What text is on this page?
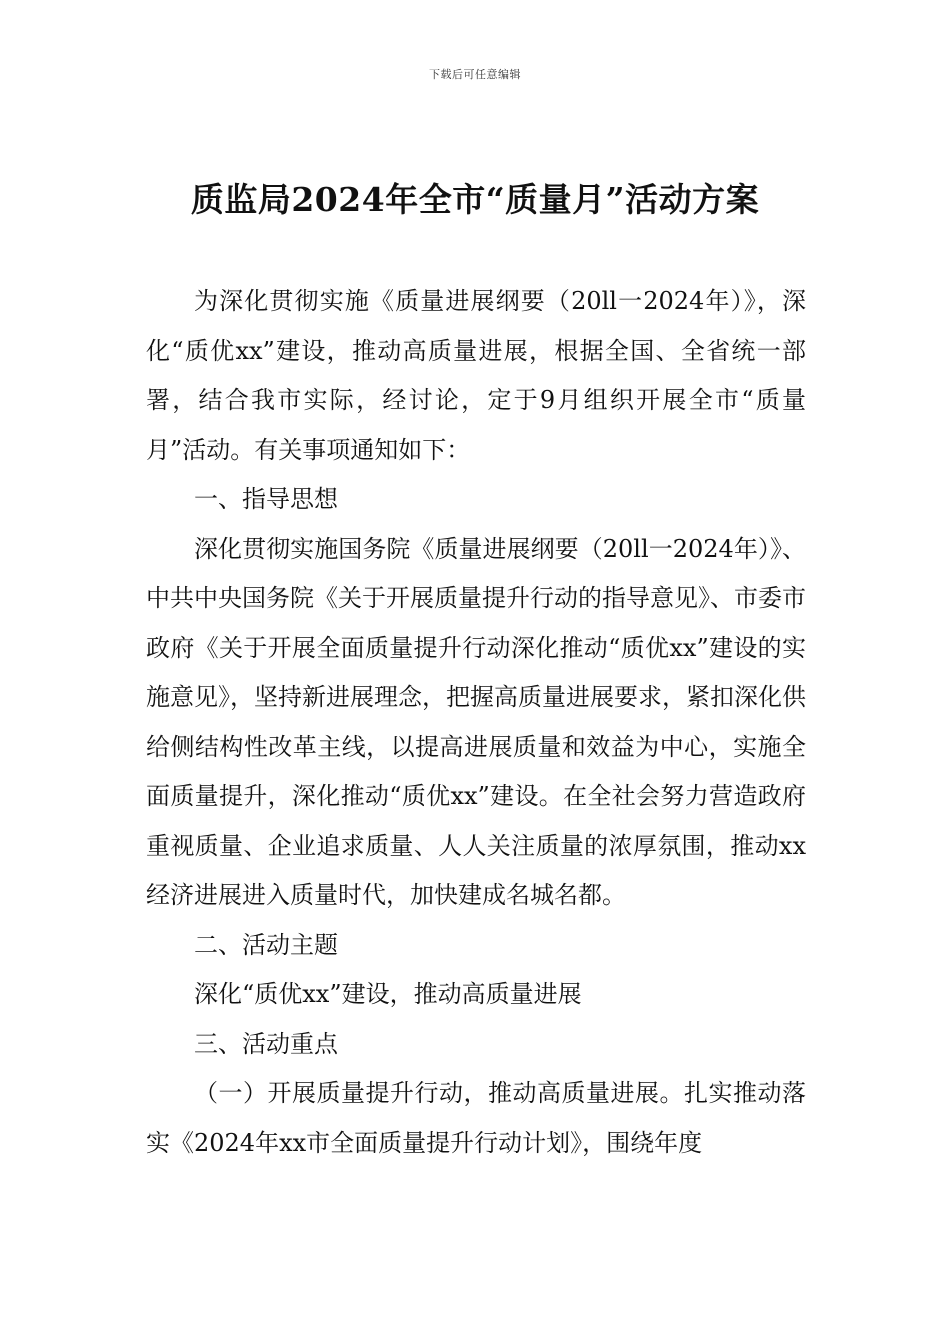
下载后可任意编辑
质监局2024年全市“质量月”活动方案

为深化贯彻实施《质量进展纲要（20ll一2024年）》，深化“质优xx”建设，推动高质量进展，根据全国、全省统一部署，结合我市实际，经讨论，定于9月组织开展全市“质量月”活动。有关事项通知如下：

一、指导思想

深化贯彻实施国务院《质量进展纲要（20ll一2024年）》、中共中央国务院《关于开展质量提升行动的指导意见》、市委市政府《关于开展全面质量提升行动深化推动“质优xx”建设的实施意见》，坚持新进展理念，把握高质量进展要求，紧扣深化供给侧结构性改革主线，以提高进展质量和效益为中心，实施全面质量提升，深化推动“质优xx”建设。在全社会努力营造政府重视质量、企业追求质量、人人关注质量的浓厚氛围，推动xx经济进展进入质量时代，加快建成名城名都。

二、活动主题

深化“质优xx”建设，推动高质量进展

三、活动重点

（一）开展质量提升行动，推动高质量进展。扎实推动落实《2024年xx市全面质量提升行动计划》，围绕年度
